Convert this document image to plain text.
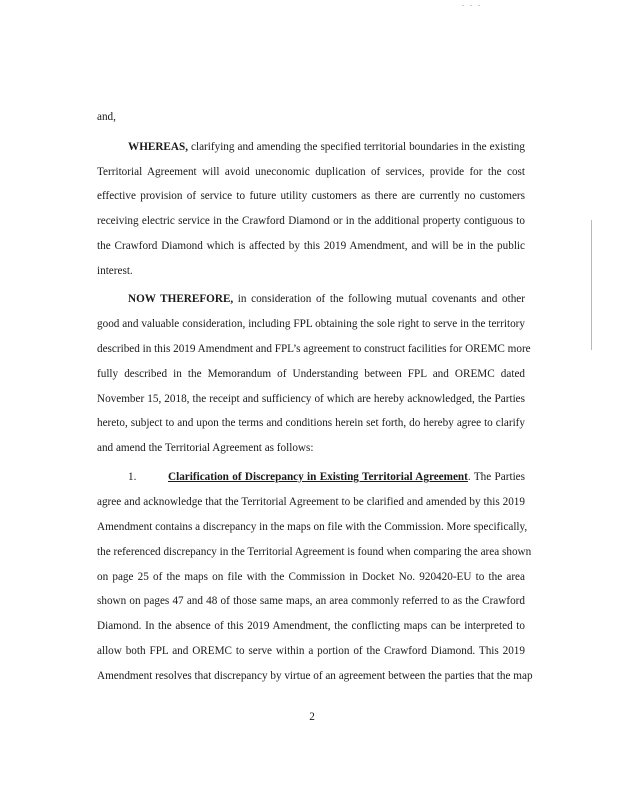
and,
WHEREAS, clarifying and amending the specified territorial boundaries in the existing
Territorial Agreement will avoid uneconomic duplication of services, provide for the cost
effective provision of service to future utility customers as there are currently no customers
receiving electric service in the Crawford Diamond or in the additional property contiguous to
the Crawford Diamond which is affected by this 2019 Amendment, and will be in the public
interest.
NOW THEREFORE, in consideration of the following mutual covenants and other
good and valuable consideration, including FPL obtaining the sole right to serve in the territory
described in this 2019 Amendment and FPL’s agreement to construct facilities for OREMC more
fully described in the Memorandum of Understanding between FPL and OREMC dated
November 15, 2018, the receipt and sufficiency of which are hereby acknowledged, the Parties
hereto, subject to and upon the terms and conditions herein set forth, do hereby agree to clarify
and amend the Territorial Agreement as follows:
1.	Clarification of Discrepancy in Existing Territorial Agreement. The Parties
agree and acknowledge that the Territorial Agreement to be clarified and amended by this 2019
Amendment contains a discrepancy in the maps on file with the Commission. More specifically,
the referenced discrepancy in the Territorial Agreement is found when comparing the area shown
on page 25 of the maps on file with the Commission in Docket No. 920420-EU to the area
shown on pages 47 and 48 of those same maps, an area commonly referred to as the Crawford
Diamond. In the absence of this 2019 Amendment, the conflicting maps can be interpreted to
allow both FPL and OREMC to serve within a portion of the Crawford Diamond. This 2019
Amendment resolves that discrepancy by virtue of an agreement between the parties that the map
2
